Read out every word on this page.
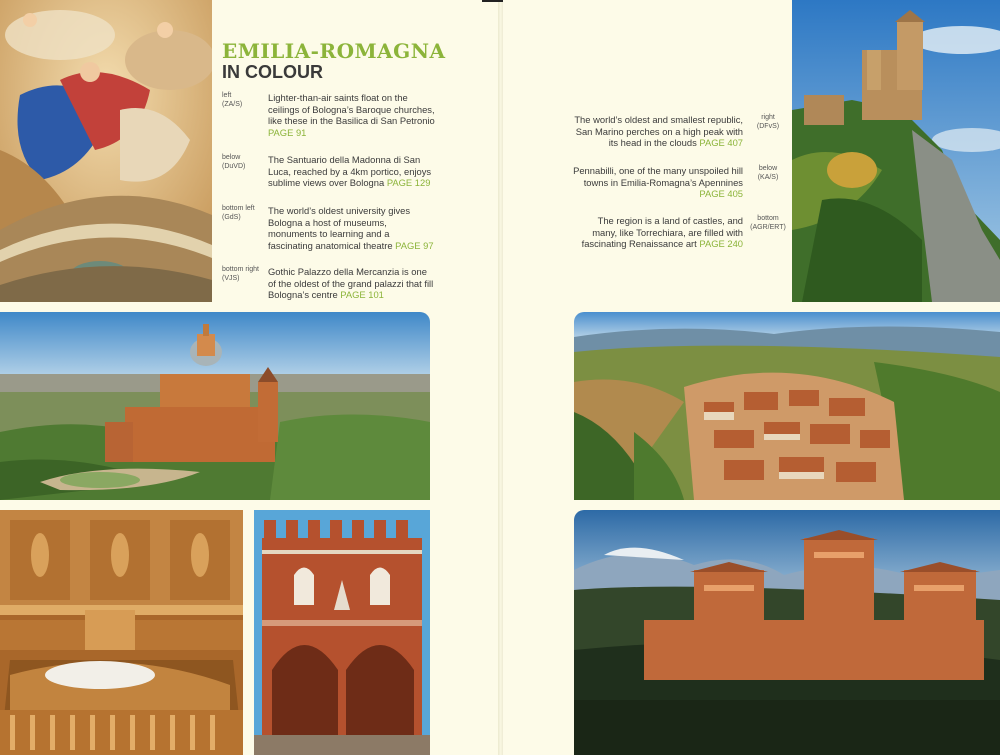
EMILIA-ROMAGNA
IN COLOUR
left
(ZA/S)
Lighter-than-air saints float on the ceilings of Bologna’s Baroque churches, like these in the Basilica di San Petronio PAGE 91
below
(DuVD)
The Santuario della Madonna di San Luca, reached by a 4km portico, enjoys sublime views over Bologna PAGE 129
bottom left
(GdS)
The world’s oldest university gives Bologna a host of museums, monuments to learning and a fascinating anatomical theatre PAGE 97
bottom right
(VJS)
Gothic Palazzo della Mercanzia is one of the oldest of the grand palazzi that fill Bologna’s centre PAGE 101
The world’s oldest and smallest republic, San Marino perches on a high peak with its head in the clouds PAGE 407
right
(DFvS)
Pennabilli, one of the many unspoiled hill towns in Emilia-Romagna’s Apennines PAGE 405
below
(KA/S)
The region is a land of castles, and many, like Torrechiara, are filled with fascinating Renaissance art PAGE 240
bottom
(AGR/ERT)
